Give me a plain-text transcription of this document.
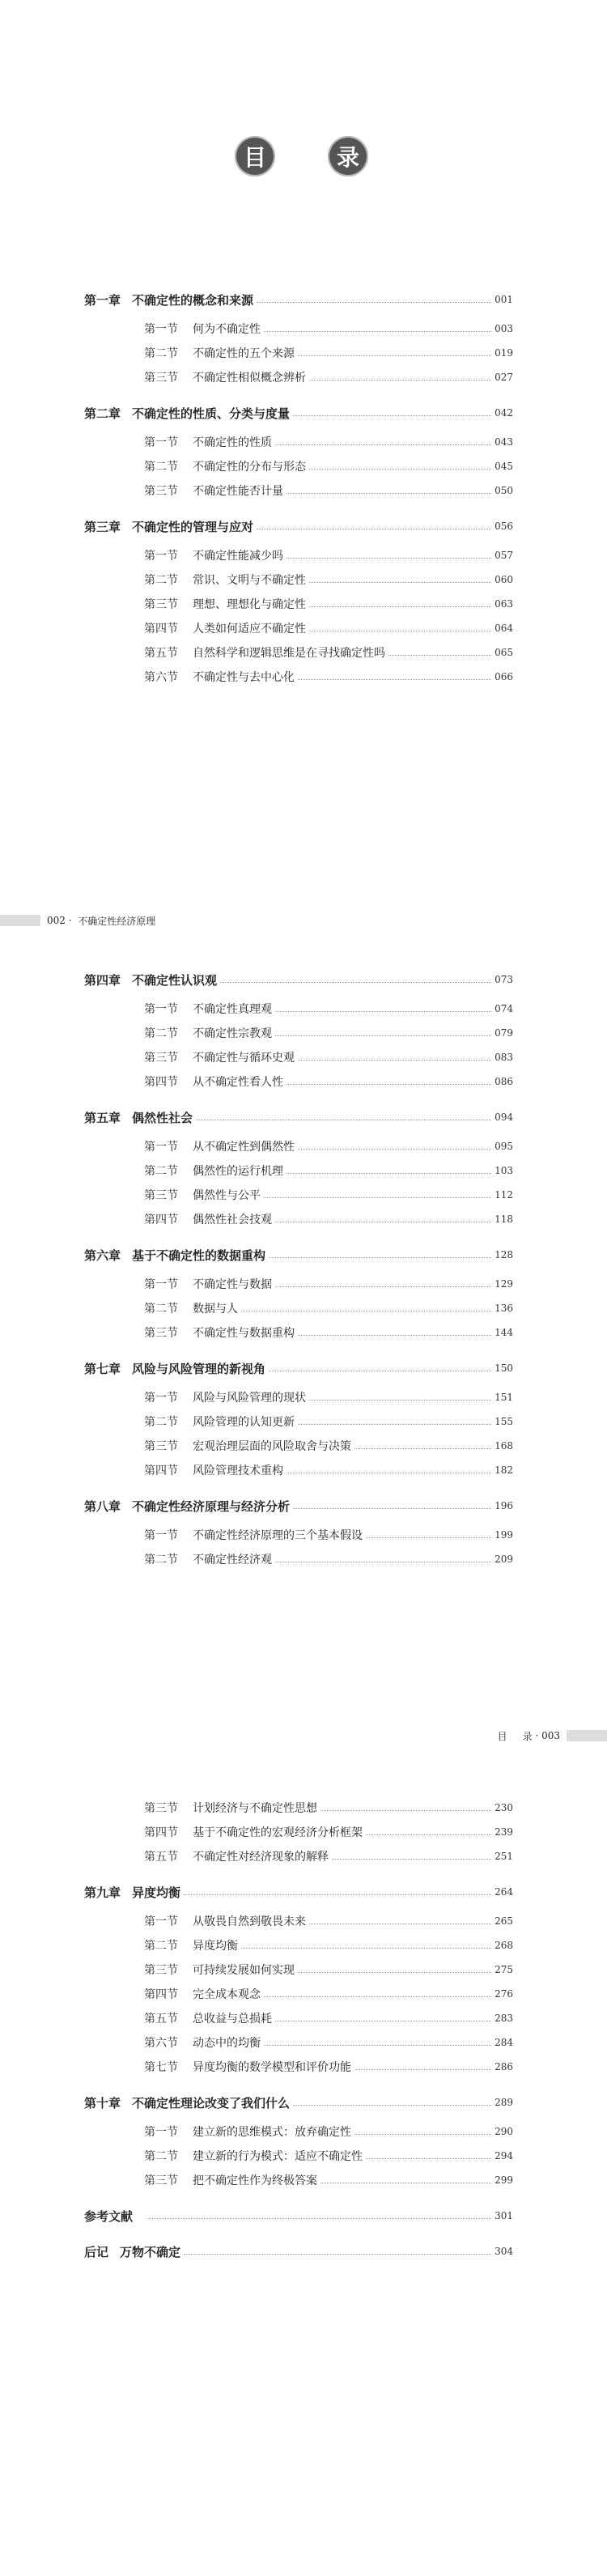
目	录
第一章 不确定性的概念和来源	001
第一节 何为不确定性	003
第二节 不确定性的五个来源	019
第三节 不确定性相似概念辨析	027
第二章 不确定性的性质、分类与度量	042
第一节 不确定性的性质	043
第二节 不确定性的分布与形态	045
第三节 不确定性能否计量	050
第三章 不确定性的管理与应对	056
第一节 不确定性能减少吗	057
第二节 常识、文明与不确定性	060
第三节 理想、理想化与确定性	063
第四节 人类如何适应不确定性	064
第五节 自然科学和逻辑思维是在寻找确定性吗	065
第六节 不确定性与去中心化	066
002
·
不确定性经济原理
第四章 不确定性认识观	073
第一节 不确定性真理观	074
第二节 不确定性宗教观	079
第三节 不确定性与循环史观	083
第四节 从不确定性看人性	086
第五章 偶然性社会	094
第一节 从不确定性到偶然性	095
第二节 偶然性的运行机理	103
第三节 偶然性与公平	112
第四节 偶然性社会技观	118
第六章 基于不确定性的数据重构	128
第一节 不确定性与数据	129
第二节 数据与人	136
第三节 不确定性与数据重构	144
第七章 风险与风险管理的新视角	150
第一节 风险与风险管理的现状	151
第二节 风险管理的认知更新	155
第三节 宏观治理层面的风险取舍与决策	168
第四节 风险管理技术重构	182
第八章 不确定性经济原理与经济分析	196
第一节 不确定性经济原理的三个基本假设	199
第二节 不确定性经济观	209
目
录
·
003
第三节 计划经济与不确定性思想	230
第四节 基于不确定性的宏观经济分析框架	239
第五节 不确定性对经济现象的解释	251
第九章 异度均衡	264
第一节 从敬畏自然到敬畏未来	265
第二节 异度均衡	268
第三节 可持续发展如何实现	275
第四节 完全成本观念	276
第五节 总收益与总损耗	283
第六节 动态中的均衡	284
第七节 异度均衡的数学模型和评价功能	286
第十章 不确定性理论改变了我们什么	289
第一节 建立新的思维模式：放弃确定性	290
第二节 建立新的行为模式：适应不确定性	294
第三节 把不确定性作为终极答案	299
参考文献	301
后记 万物不确定	304
